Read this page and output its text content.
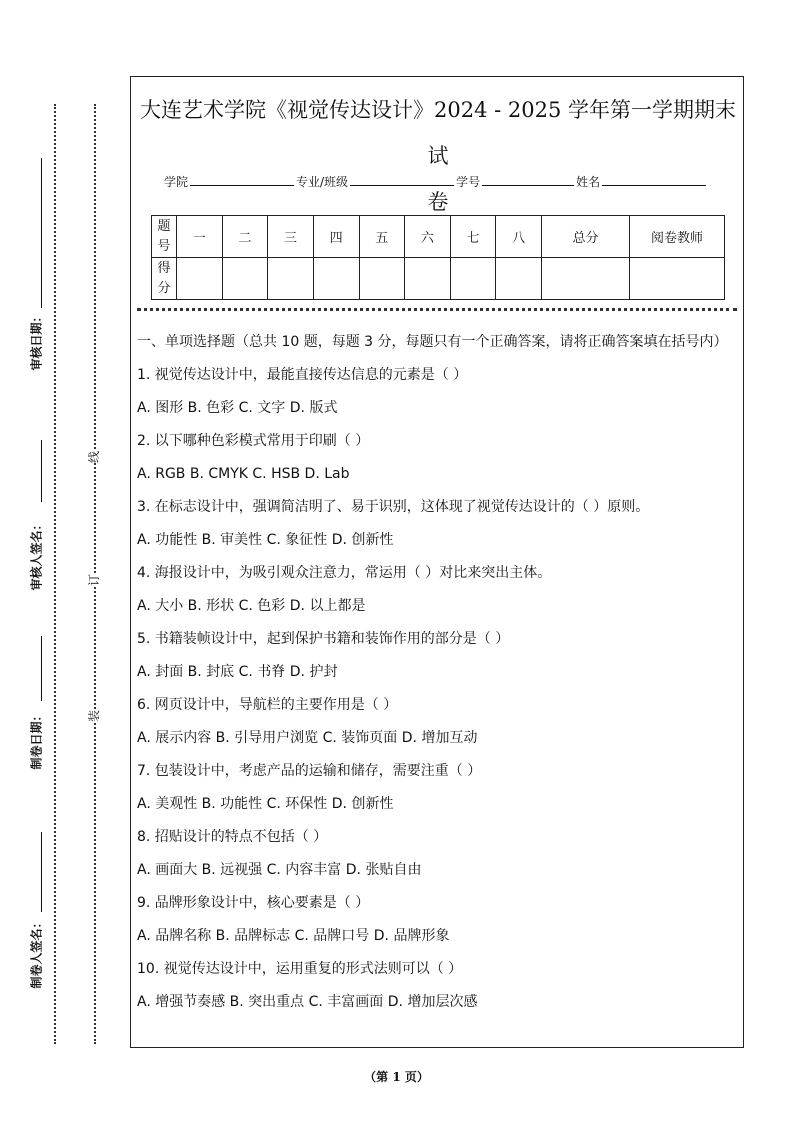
审核日期：
审核人签名：
制卷日期：
制卷人签名：
线
订
装
大连艺术学院《视觉传达设计》2024 - 2025 学年第一学期期末试
卷
学院	专业/班级	学号	姓名
题号	一	二	三	四	五	六	七	八	总分	阅卷教师
得分										
一、单项选择题（总共 10 题，每题 3 分，每题只有一个正确答案，请将正确答案填在括号内）
1. 视觉传达设计中，最能直接传达信息的元素是（ ）
A. 图形 B. 色彩 C. 文字 D. 版式
2. 以下哪种色彩模式常用于印刷（ ）
A. RGB B. CMYK C. HSB D. Lab
3. 在标志设计中，强调简洁明了、易于识别，这体现了视觉传达设计的（ ）原则。
A. 功能性 B. 审美性 C. 象征性 D. 创新性
4. 海报设计中，为吸引观众注意力，常运用（ ）对比来突出主体。
A. 大小 B. 形状 C. 色彩 D. 以上都是
5. 书籍装帧设计中，起到保护书籍和装饰作用的部分是（ ）
A. 封面 B. 封底 C. 书脊 D. 护封
6. 网页设计中，导航栏的主要作用是（ ）
A. 展示内容 B. 引导用户浏览 C. 装饰页面 D. 增加互动
7. 包装设计中，考虑产品的运输和储存，需要注重（ ）
A. 美观性 B. 功能性 C. 环保性 D. 创新性
8. 招贴设计的特点不包括（ ）
A. 画面大 B. 远视强 C. 内容丰富 D. 张贴自由
9. 品牌形象设计中，核心要素是（ ）
A. 品牌名称 B. 品牌标志 C. 品牌口号 D. 品牌形象
10. 视觉传达设计中，运用重复的形式法则可以（ ）
A. 增强节奏感 B. 突出重点 C. 丰富画面 D. 增加层次感
（第 1 页）
